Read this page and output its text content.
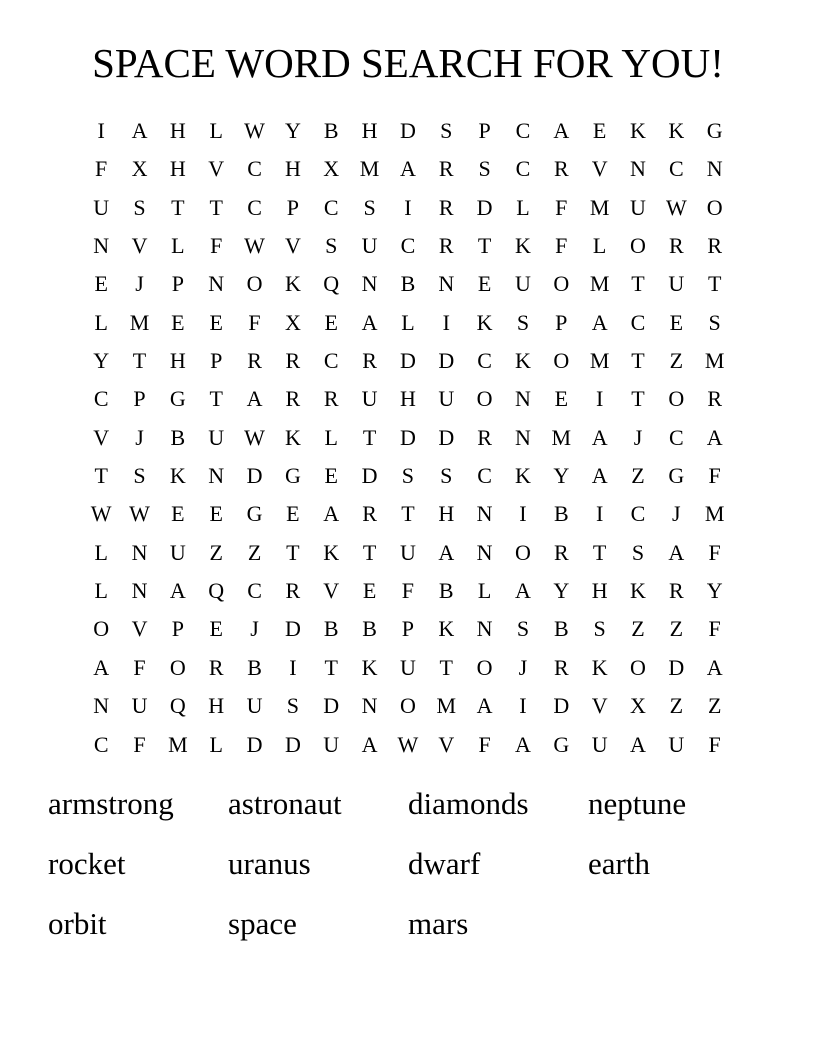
SPACE WORD SEARCH FOR YOU!
I	A	H	L W Y	B	H	D	S	P	C	A	E	K	K	G
F	X	H	V	C	H	X M A	R	S	C	R	V	N	C	N
U	S	T	T	C	P	C	S	I	R	D	L	F	M U W O
N	V	L	F W V	S	U	C	R	T	K	F	L	O	R	R
E	J	P	N	O	K	Q	N	B	N	E	U	O M T	U	T
L M E	E	F	X	E	A	L	I	K	S	P	A	C	E	S
Y	T	H	P	R	R	C	R	D	D	C	K	O M T	Z M
C	P	G	T	A	R	R	U	H	U	O	N	E	I	T	O	R
V	J	B	U W K	L	T	D	D	R	N M A	J	C	A
T	S	K	N	D	G	E	D	S	S	C	K	Y	A	Z	G	F
W W E	E	G	E	A	R	T	H	N	I	B	I	C	J	M
L	N	U	Z	Z	T	K	T	U	A	N	O	R	T	S	A	F
L	N	A	Q	C	R	V	E	F	B	L	A	Y	H	K	R	Y
O	V	P	E	J	D	B	B	P	K	N	S	B	S	Z	Z	F
A	F	O	R	B	I	T	K	U	T	O	J	R	K	O	D	A
N	U	Q	H	U	S	D	N	O M A	I	D	V	X	Z	Z
C	F	M L	D	D	U	A W V	F	A	G	U	A	U	F
armstrong	astronaut	diamonds	neptune
rocket	uranus	dwarf	earth
orbit	space	mars
